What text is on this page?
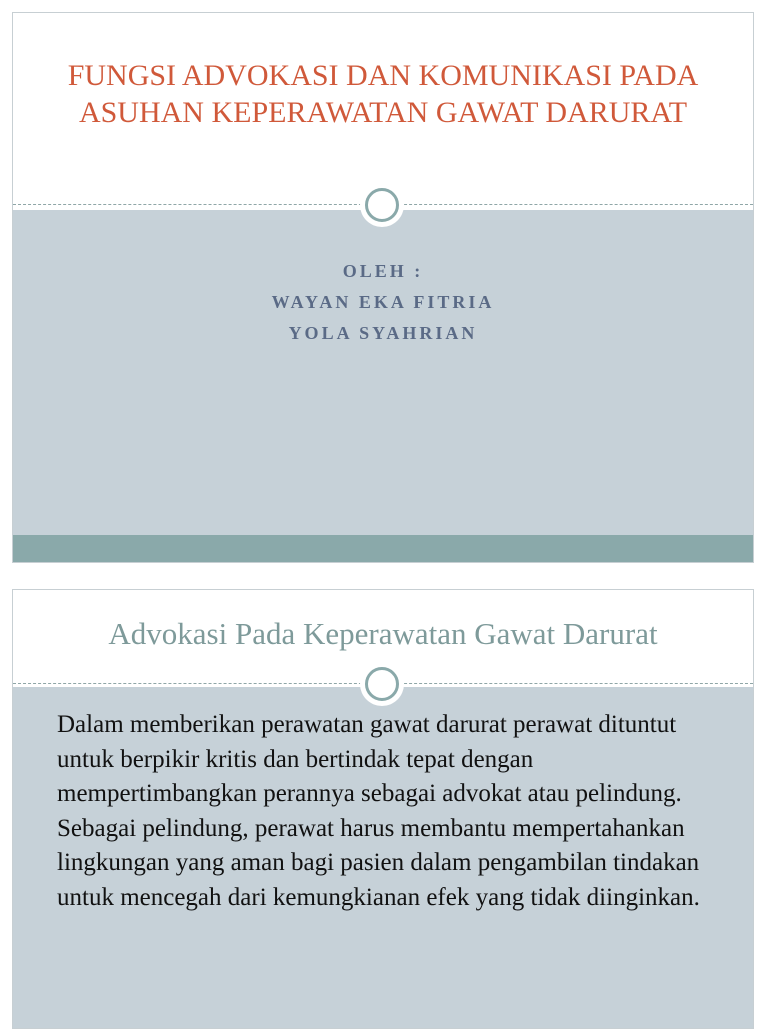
FUNGSI ADVOKASI DAN KOMUNIKASI PADA ASUHAN KEPERAWATAN GAWAT DARURAT
OLEH :
WAYAN EKA FITRIA
YOLA SYAHRIAN
Advokasi Pada Keperawatan Gawat Darurat

Dalam memberikan perawatan gawat darurat perawat dituntut untuk berpikir kritis dan bertindak tepat dengan mempertimbangkan perannya sebagai advokat atau pelindung. Sebagai pelindung, perawat harus membantu mempertahankan lingkungan yang aman bagi pasien dalam pengambilan tindakan untuk mencegah dari kemungkianan efek yang tidak diinginkan.
